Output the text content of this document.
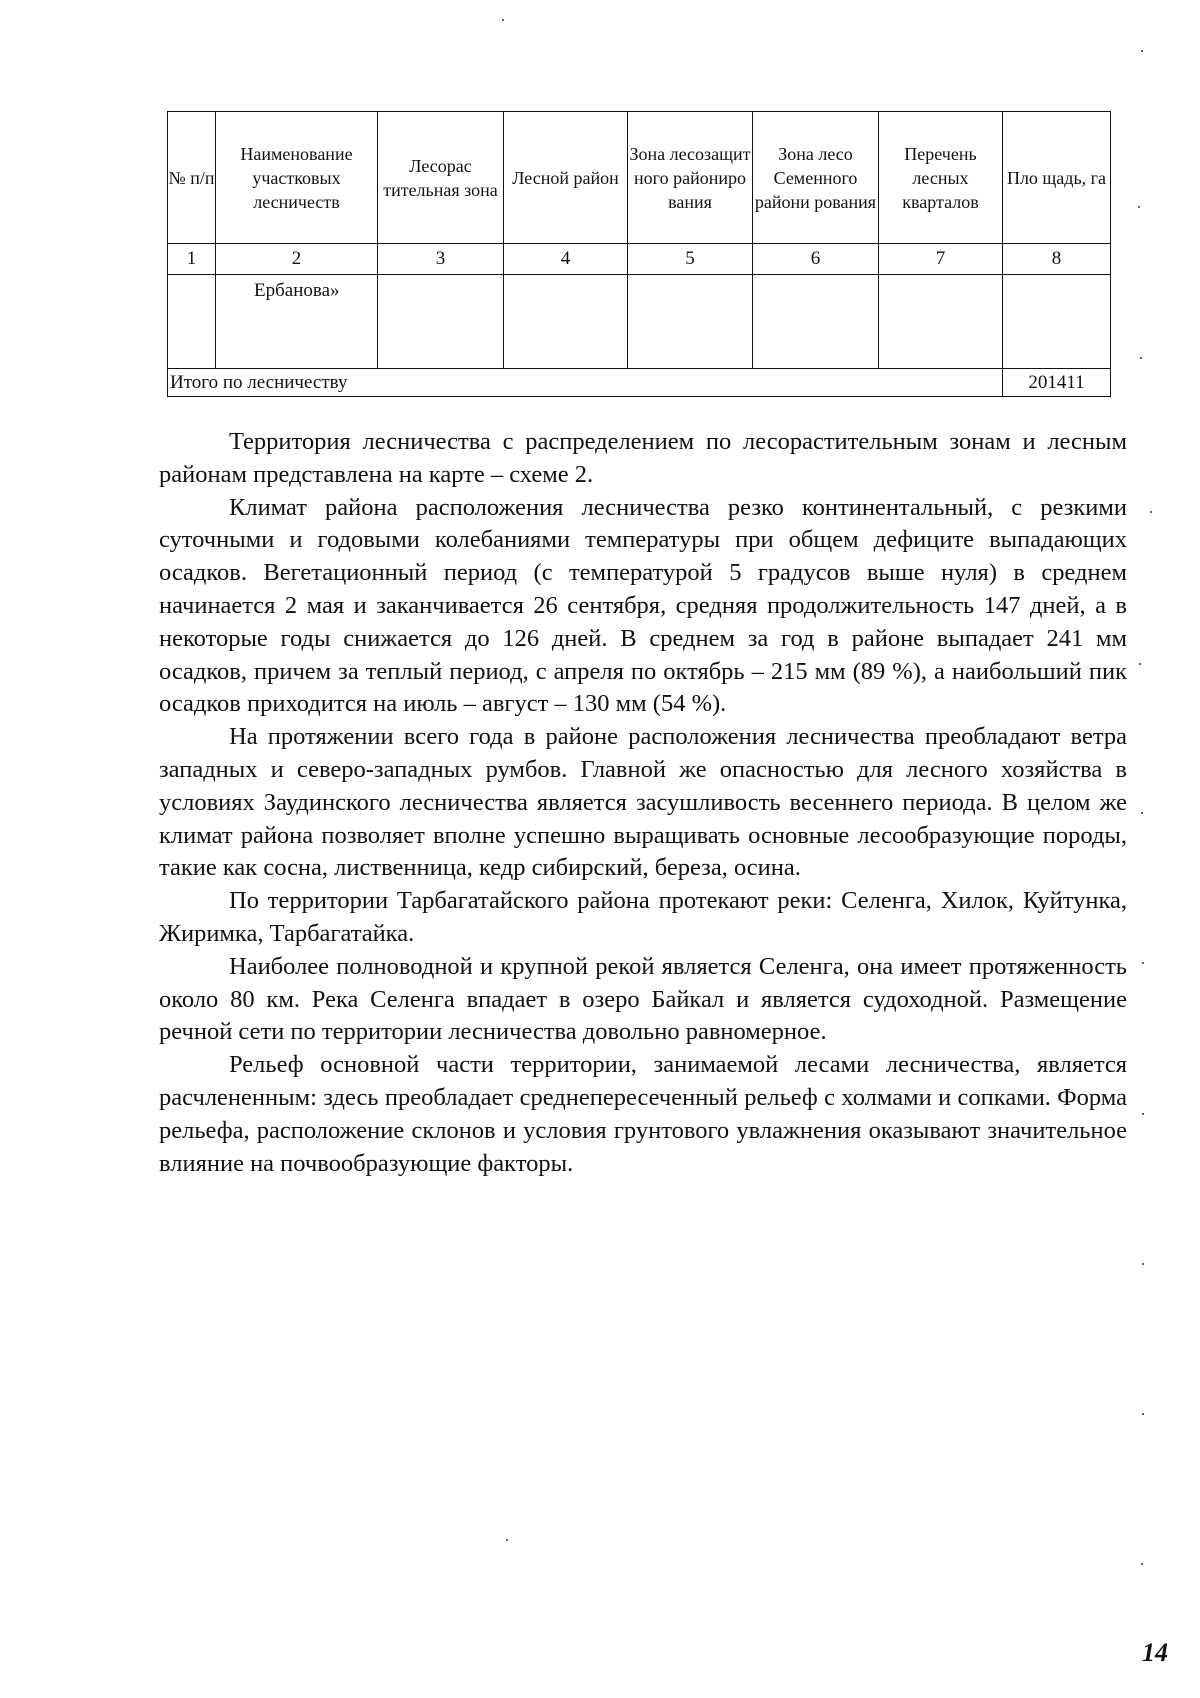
№ п/п	Наименование участковых лесничеств	Лесорас тительная зона	Лесной район	Зона лесозащит ного райониро вания	Зона лесо Семенного райони рования	Перечень лесных кварталов	Пло щадь, га
1	2	3	4	5	6	7	8
	Ербанова»						
Итого по лесничеству							201411

Территория лесничества с распределением по лесорастительным зонам и лесным районам представлена на карте – схеме 2.

Климат района расположения лесничества резко континентальный, с резкими суточными и годовыми колебаниями температуры при общем дефиците выпадающих осадков. Вегетационный период (с температурой 5 градусов выше нуля) в среднем начинается 2 мая и заканчивается 26 сентября, средняя продолжительность 147 дней, а в некоторые годы снижается до 126 дней. В среднем за год в районе выпадает 241 мм осадков, причем за теплый период, с апреля по октябрь – 215 мм (89 %), а наибольший пик осадков приходится на июль – август – 130 мм (54 %).

На протяжении всего года в районе расположения лесничества преобладают ветра западных и северо-западных румбов. Главной же опасностью для лесного хозяйства в условиях Заудинского лесничества является засушливость весеннего периода. В целом же климат района позволяет вполне успешно выращивать основные лесообразующие породы, такие как сосна, лиственница, кедр сибирский, береза, осина.

По территории Тарбагатайского района протекают реки: Селенга, Хилок, Куйтунка, Жиримка, Тарбагатайка.

Наиболее полноводной и крупной рекой является Селенга, она имеет протяженность около 80 км. Река Селенга впадает в озеро Байкал и является судоходной. Размещение речной сети по территории лесничества довольно равномерное.

Рельеф основной части территории, занимаемой лесами лесничества, является расчлененным: здесь преобладает среднепересеченный рельеф с холмами и сопками. Форма рельефа, расположение склонов и условия грунтового увлажнения оказывают значительное влияние на почвообразующие факторы.

14
